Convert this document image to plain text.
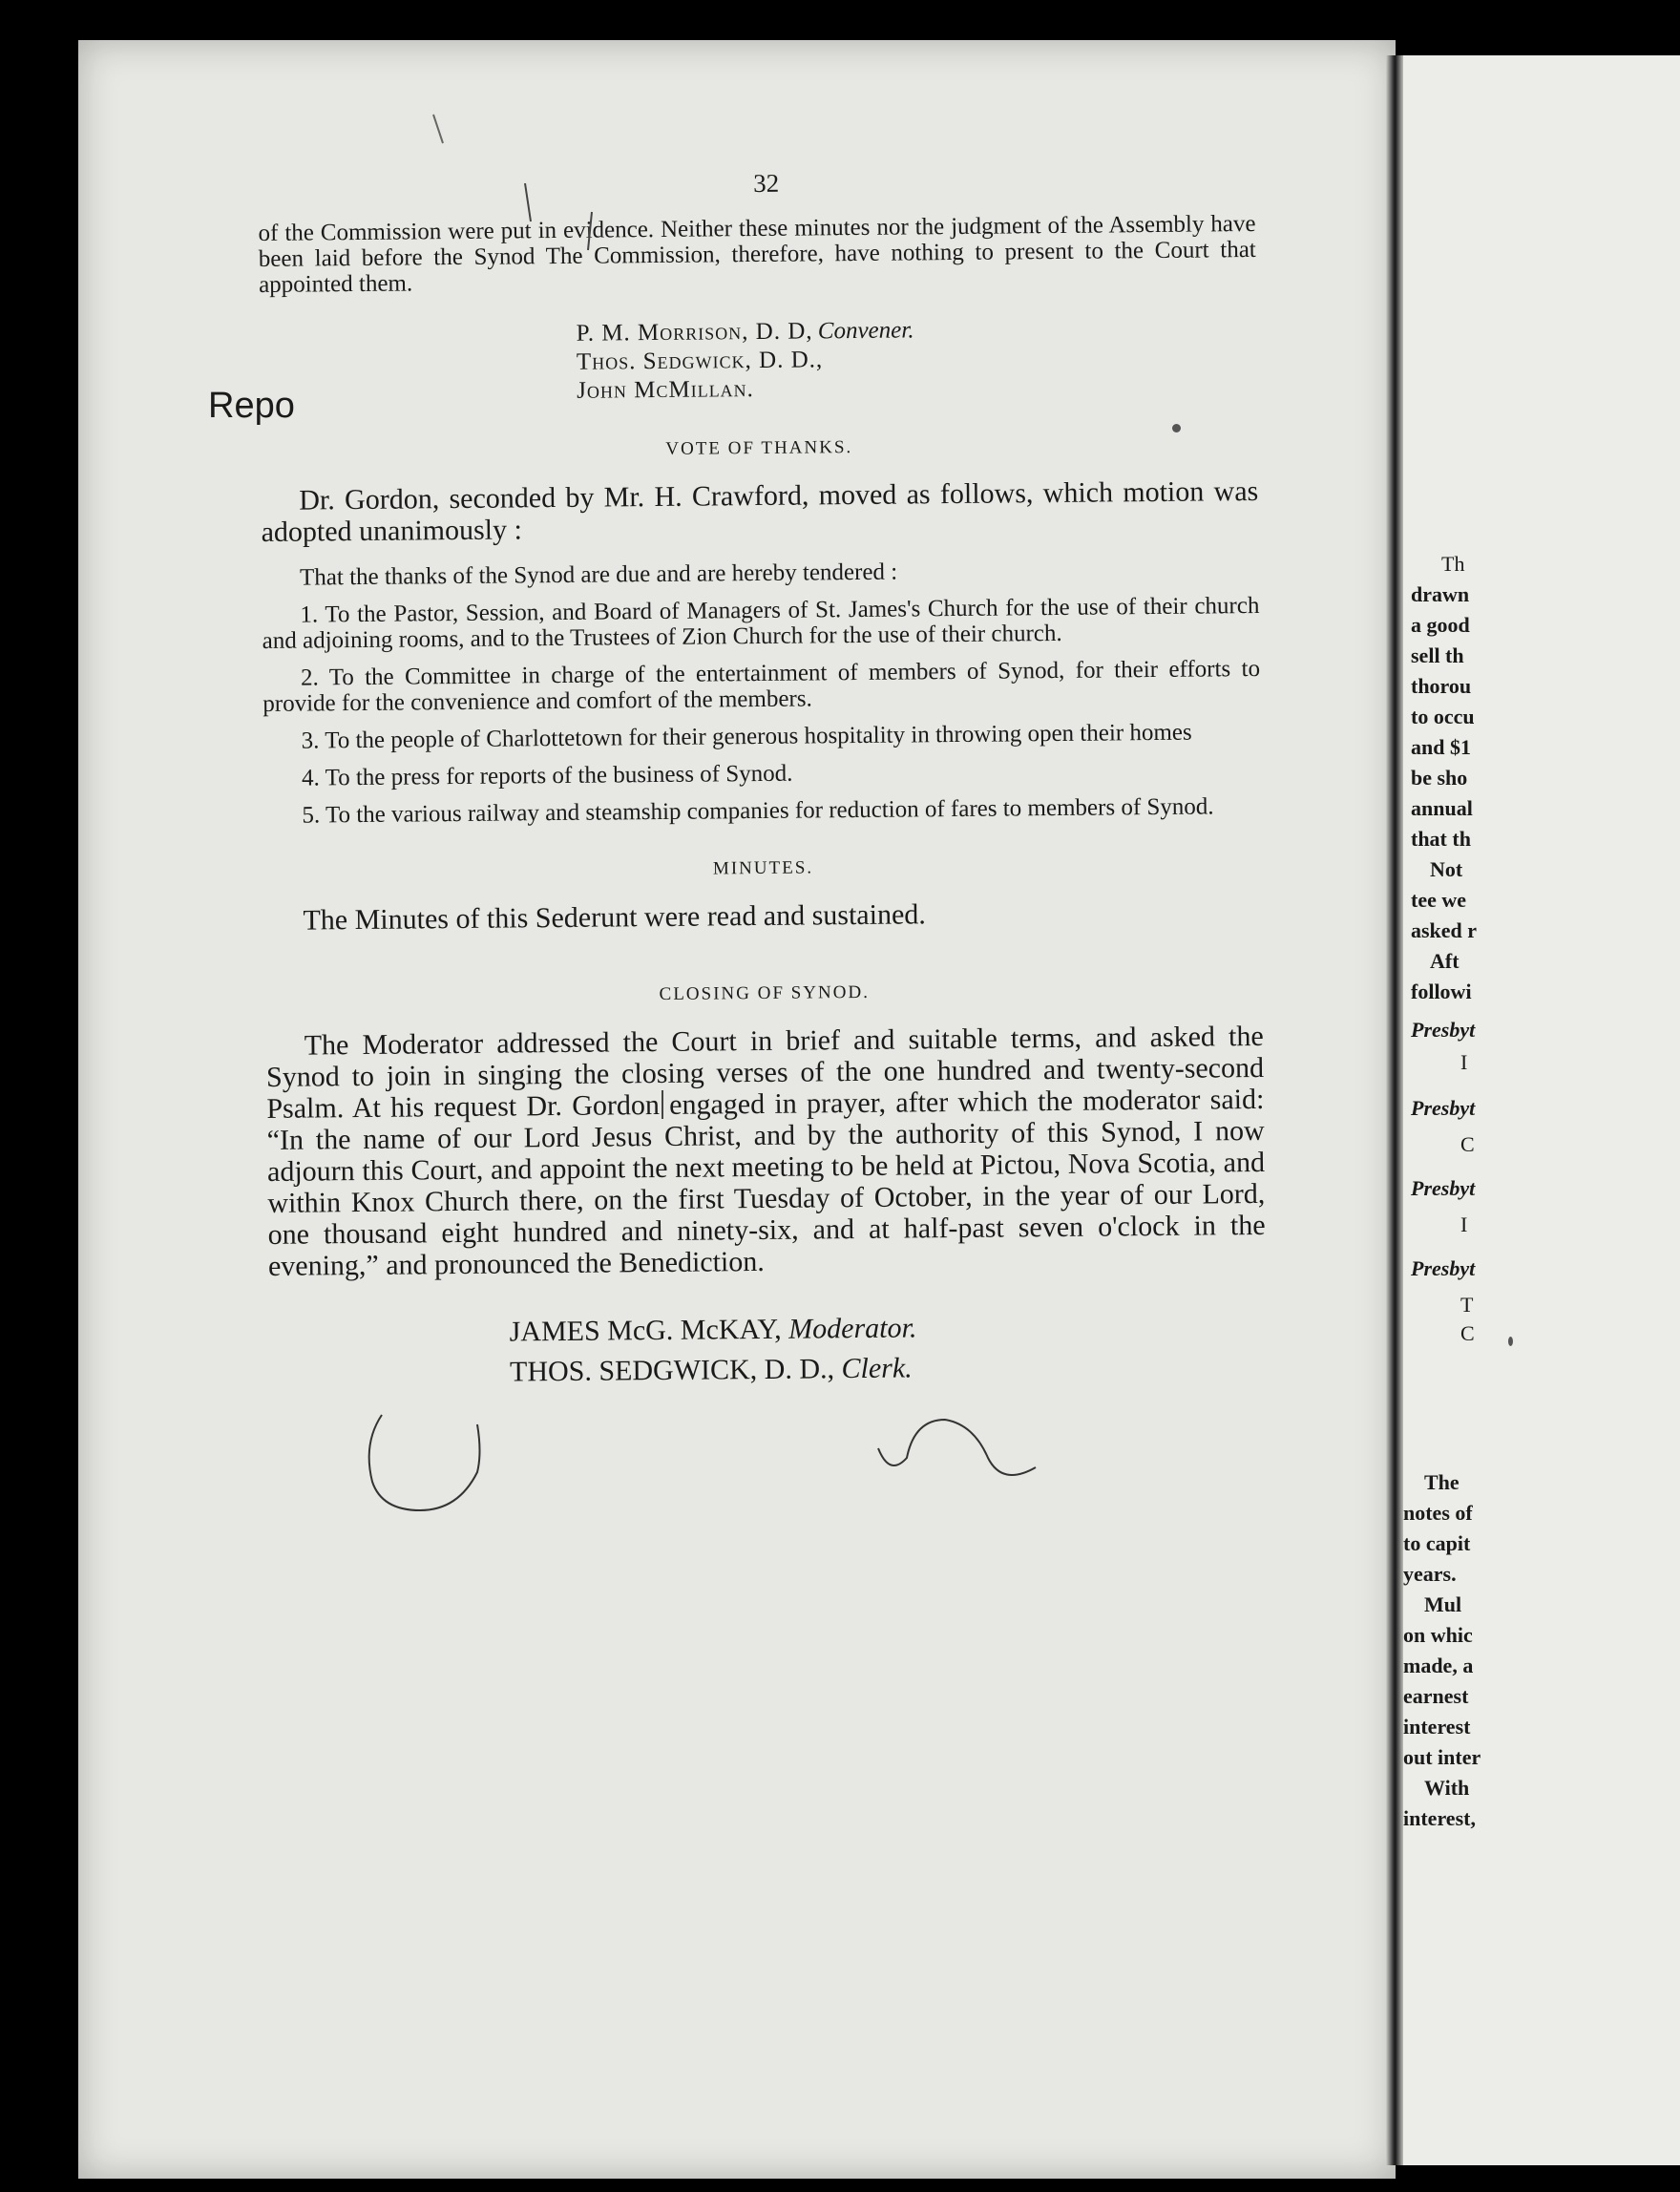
32

of the Commission were put in evidence. Neither these minutes nor the judgment of the Assembly have been laid before the Synod The Commission, therefore, have nothing to present to the Court that appointed them.

P. M. Morrison, D. D, Convener.
Thos. Sedgwick, D. D.,
John McMillan.
VOTE OF THANKS.

Dr. Gordon, seconded by Mr. H. Crawford, moved as follows, which motion was adopted unanimously :

That the thanks of the Synod are due and are hereby tendered :

1. To the Pastor, Session, and Board of Managers of St. James's Church for the use of their church and adjoining rooms, and to the Trustees of Zion Church for the use of their church.

2. To the Committee in charge of the entertainment of members of Synod, for their efforts to provide for the convenience and comfort of the members.

3. To the people of Charlottetown for their generous hospitality in throwing open their homes

4. To the press for reports of the business of Synod.

5. To the various railway and steamship companies for reduction of fares to members of Synod.

MINUTES.

The Minutes of this Sederunt were read and sustained.

CLOSING OF SYNOD.

The Moderator addressed the Court in brief and suitable terms, and asked the Synod to join in singing the closing verses of the one hundred and twenty-second Psalm. At his request Dr. Gordon engaged in prayer, after which the moderator said: “In the name of our Lord Jesus Christ, and by the authority of this Synod, I now adjourn this Court, and appoint the next meeting to be held at Pictou, Nova Scotia, and within Knox Church there, on the first Tuesday of October, in the year of our Lord, one thousand eight hundred and ninety-six, and at half-past seven o'clock in the evening,” and pronounced the Benediction.

JAMES McG. McKAY, Moderator.
THOS. SEDGWICK, D. D., Clerk.
Th
drawn
a good
sell th
thorou
to occu
and $1
be sho
annual
that th
Not
tee we
asked r
Aft
followi
Presbyt
I
Presbyt
C
Presbyt
I
Presbyt
T
C
The
notes of
to capit
years.
Mul
on whic
made, a
earnest
interest
out inter
With
interest,
Repo
